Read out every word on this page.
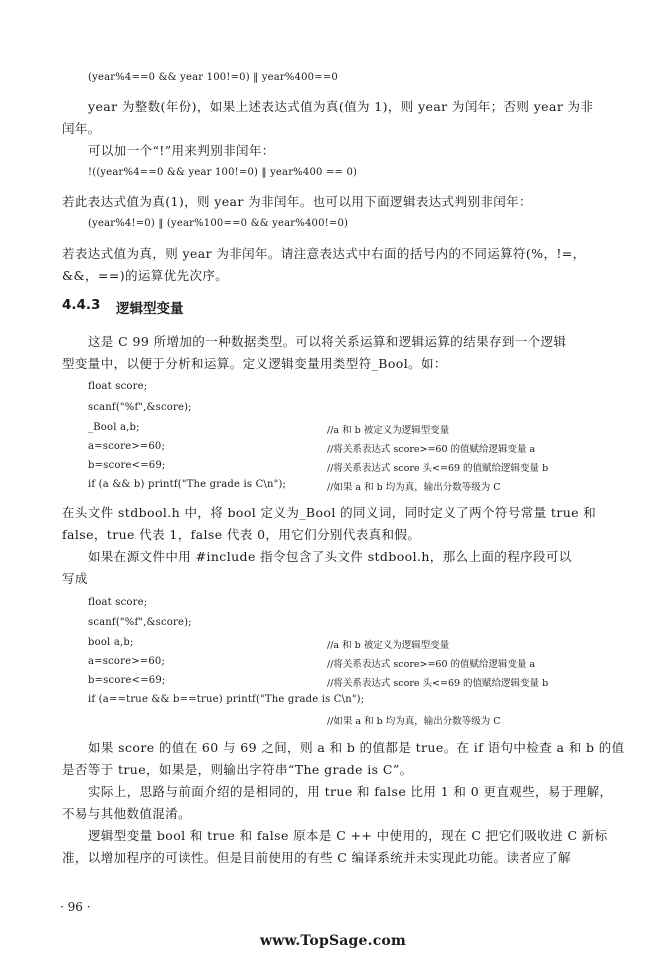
(year%4==0 && year 100!=0) ‖ year%400==0
year 为整数(年份)，如果上述表达式值为真(值为 1)，则 year 为闰年；否则 year 为非
闰年。
可以加一个“!”用来判别非闰年：
!((year%4==0 && year 100!=0) ‖ year%400 == 0)
若此表达式值为真(1)，则 year 为非闰年。也可以用下面逻辑表达式判别非闰年：
(year%4!=0) ‖ (year%100==0 && year%400!=0)
若表达式值为真，则 year 为非闰年。请注意表达式中右面的括号内的不同运算符(%，!=，
&&，==)的运算优先次序。
4.4.3 逻辑型变量
这是 C 99 所增加的一种数据类型。可以将关系运算和逻辑运算的结果存到一个逻辑
型变量中，以便于分析和运算。定义逻辑变量用类型符_Bool。如：
float score;
scanf("%f",&score);
_Bool a,b;
a=score>=60;
b=score<=69;
if (a && b) printf("The grade is C\n");
//a 和 b 被定义为逻辑型变量
//将关系表达式 score>=60 的值赋给逻辑变量 a
//将关系表达式 score 头<=69 的值赋给逻辑变量 b
//如果 a 和 b 均为真，输出分数等级为 C
在头文件 stdbool.h 中，将 bool 定义为_Bool 的同义词，同时定义了两个符号常量 true 和
false，true 代表 1，false 代表 0，用它们分别代表真和假。
如果在源文件中用 #include 指令包含了头文件 stdbool.h，那么上面的程序段可以
写成
float score;
scanf("%f",&score);
bool a,b;
a=score>=60;
b=score<=69;
if (a==true && b==true) printf("The grade is C\n");
//a 和 b 被定义为逻辑型变量
//将关系表达式 score>=60 的值赋给逻辑变量 a
//将关系表达式 score 头<=69 的值赋给逻辑变量 b
//如果 a 和 b 均为真，输出分数等级为 C
如果 score 的值在 60 与 69 之间，则 a 和 b 的值都是 true。在 if 语句中检查 a 和 b 的值
是否等于 true，如果是，则输出字符串“The grade is C”。
实际上，思路与前面介绍的是相同的，用 true 和 false 比用 1 和 0 更直观些，易于理解，
不易与其他数值混淆。
逻辑型变量 bool 和 true 和 false 原本是 C ++ 中使用的，现在 C 把它们吸收进 C 新标
准，以增加程序的可读性。但是目前使用的有些 C 编译系统并未实现此功能。读者应了解
· 96 ·
www.TopSage.com
